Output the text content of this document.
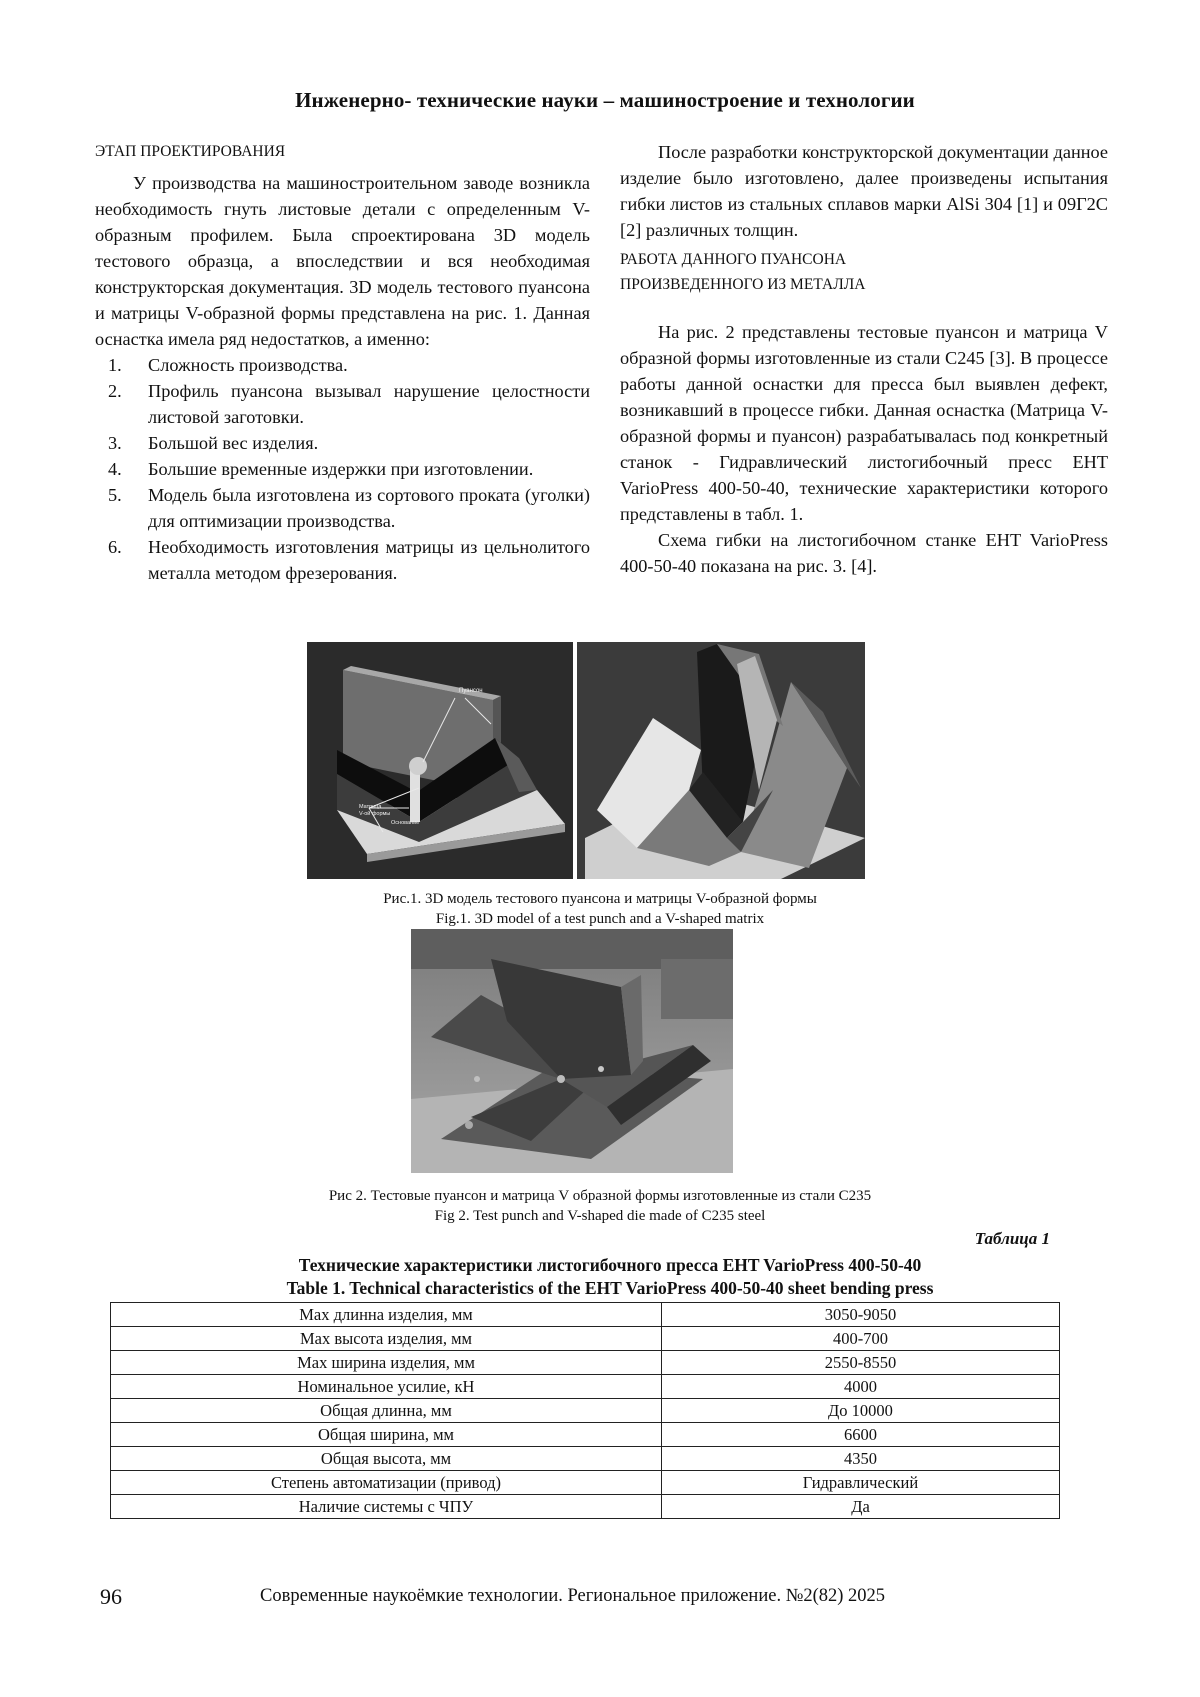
Инженерно- технические науки – машиностроение и технологии

ЭТАП ПРОЕКТИРОВАНИЯ

У производства на машиностроительном заводе возникла необходимость гнуть листовые детали с определенным V-образным профилем. Была спроектирована 3D модель тестового образца, а впоследствии и вся необходимая конструкторская документация. 3D модель тестового пуансона и матрицы V-образной формы представлена на рис. 1. Данная оснастка имела ряд недостатков, а именно:

1. Сложность производства.
2. Профиль пуансона вызывал нарушение целостности листовой заготовки.
3. Большой вес изделия.
4. Большие временные издержки при изготовлении.
5. Модель была изготовлена из сортового проката (уголки) для оптимизации производства.
6. Необходимость изготовления матрицы из цельнолитого металла методом фрезерования.

После разработки конструкторской документации данное изделие было изготовлено, далее произведены испытания гибки листов из стальных сплавов марки AlSi 304 [1] и 09Г2С [2] различных толщин.

РАБОТА ДАННОГО ПУАНСОНА
ПРОИЗВЕДЕННОГО ИЗ МЕТАЛЛА

На рис. 2 представлены тестовые пуансон и матрица V образной формы изготовленные из стали С245 [3]. В процессе работы данной оснастки для пресса был выявлен дефект, возникавший в процессе гибки. Данная оснастка (Матрица V-образной формы и пуансон) разрабатывалась под конкретный станок - Гидравлический листогибочный пресс EHT VarioPress 400-50-40, технические характеристики которого представлены в табл. 1.

Схема гибки на листогибочном станке EHT VarioPress 400-50-40 показана на рис. 3. [4].

Пуансон
Матрица
V-ой формы
Основание
Рис.1. 3D модель тестового пуансона и матрицы V-образной формы
Fig.1. 3D model of a test punch and a V-shaped matrix
Рис 2. Тестовые пуансон и матрица V образной формы изготовленные из стали С235
Fig 2. Test punch and V-shaped die made of C235 steel
Таблица 1
Технические характеристики листогибочного пресса EHT VarioPress 400-50-40
Table 1. Technical characteristics of the EHT VarioPress 400-50-40 sheet bending press
Max длинна изделия, мм	3050-9050
Max высота изделия, мм	400-700
Max ширина изделия, мм	2550-8550
Номинальное усилие, кН	4000
Общая длинна, мм	До 10000
Общая ширина, мм	6600
Общая высота, мм	4350
Степень автоматизации (привод)	Гидравлический
Наличие системы с ЧПУ	Да
96	Современные наукоёмкие технологии. Региональное приложение. №2(82) 2025
